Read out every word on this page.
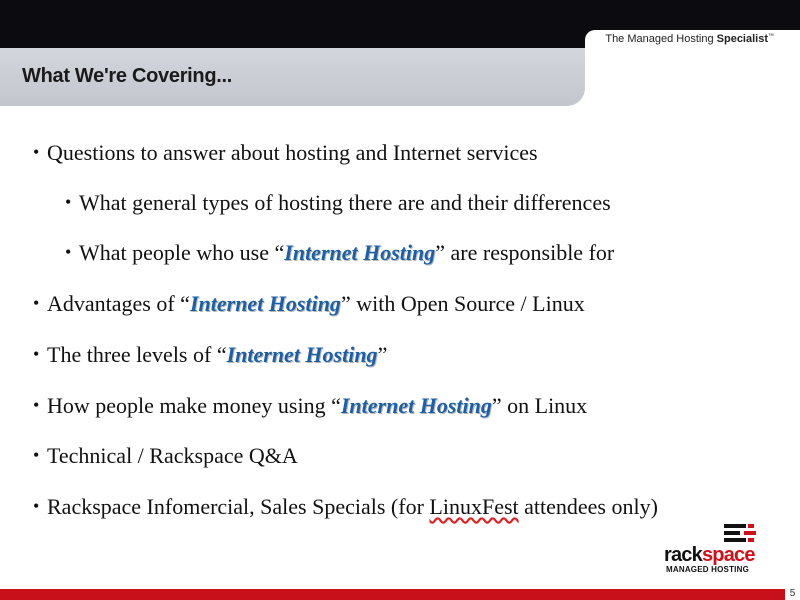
The Managed Hosting Specialist™
What We're Covering...
• Questions to answer about hosting and Internet services
• What general types of hosting there are and their differences
• What people who use “Internet Hosting” are responsible for
• Advantages of “Internet Hosting” with Open Source / Linux
• The three levels of “Internet Hosting”
• How people make money using “Internet Hosting” on Linux
• Technical / Rackspace Q&A
• Rackspace Infomercial, Sales Specials (for LinuxFest attendees only)
rackspace
MANAGED HOSTING
5
